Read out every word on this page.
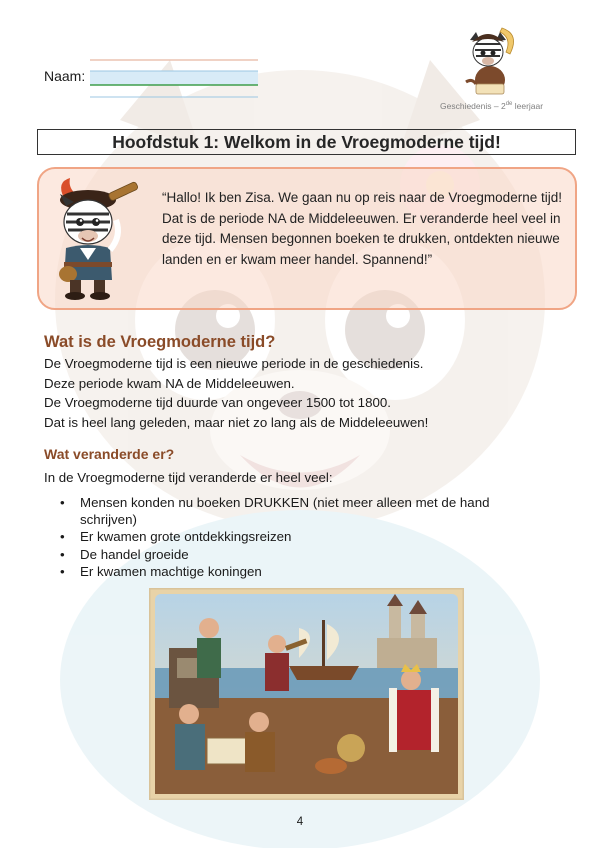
Naam:
Geschiedenis – 2de leerjaar
Hoofdstuk 1: Welkom in de Vroegmoderne tijd!
“Hallo! Ik ben Zisa. We gaan nu op reis naar de Vroegmoderne tijd! Dat is de periode NA de Middeleeuwen. Er veranderde heel veel in deze tijd. Mensen begonnen boeken te drukken, ontdekten nieuwe landen en er kwam meer handel. Spannend!”
Wat is de Vroegmoderne tijd?
De Vroegmoderne tijd is een nieuwe periode in de geschiedenis.
Deze periode kwam NA de Middeleeuwen.
De Vroegmoderne tijd duurde van ongeveer 1500 tot 1800.
Dat is heel lang geleden, maar niet zo lang als de Middeleeuwen!
Wat veranderde er?
In de Vroegmoderne tijd veranderde er heel veel:
• Mensen konden nu boeken DRUKKEN (niet meer alleen met de hand schrijven)
• Er kwamen grote ontdekkingsreizen
• De handel groeide
• Er kwamen machtige koningen
4
